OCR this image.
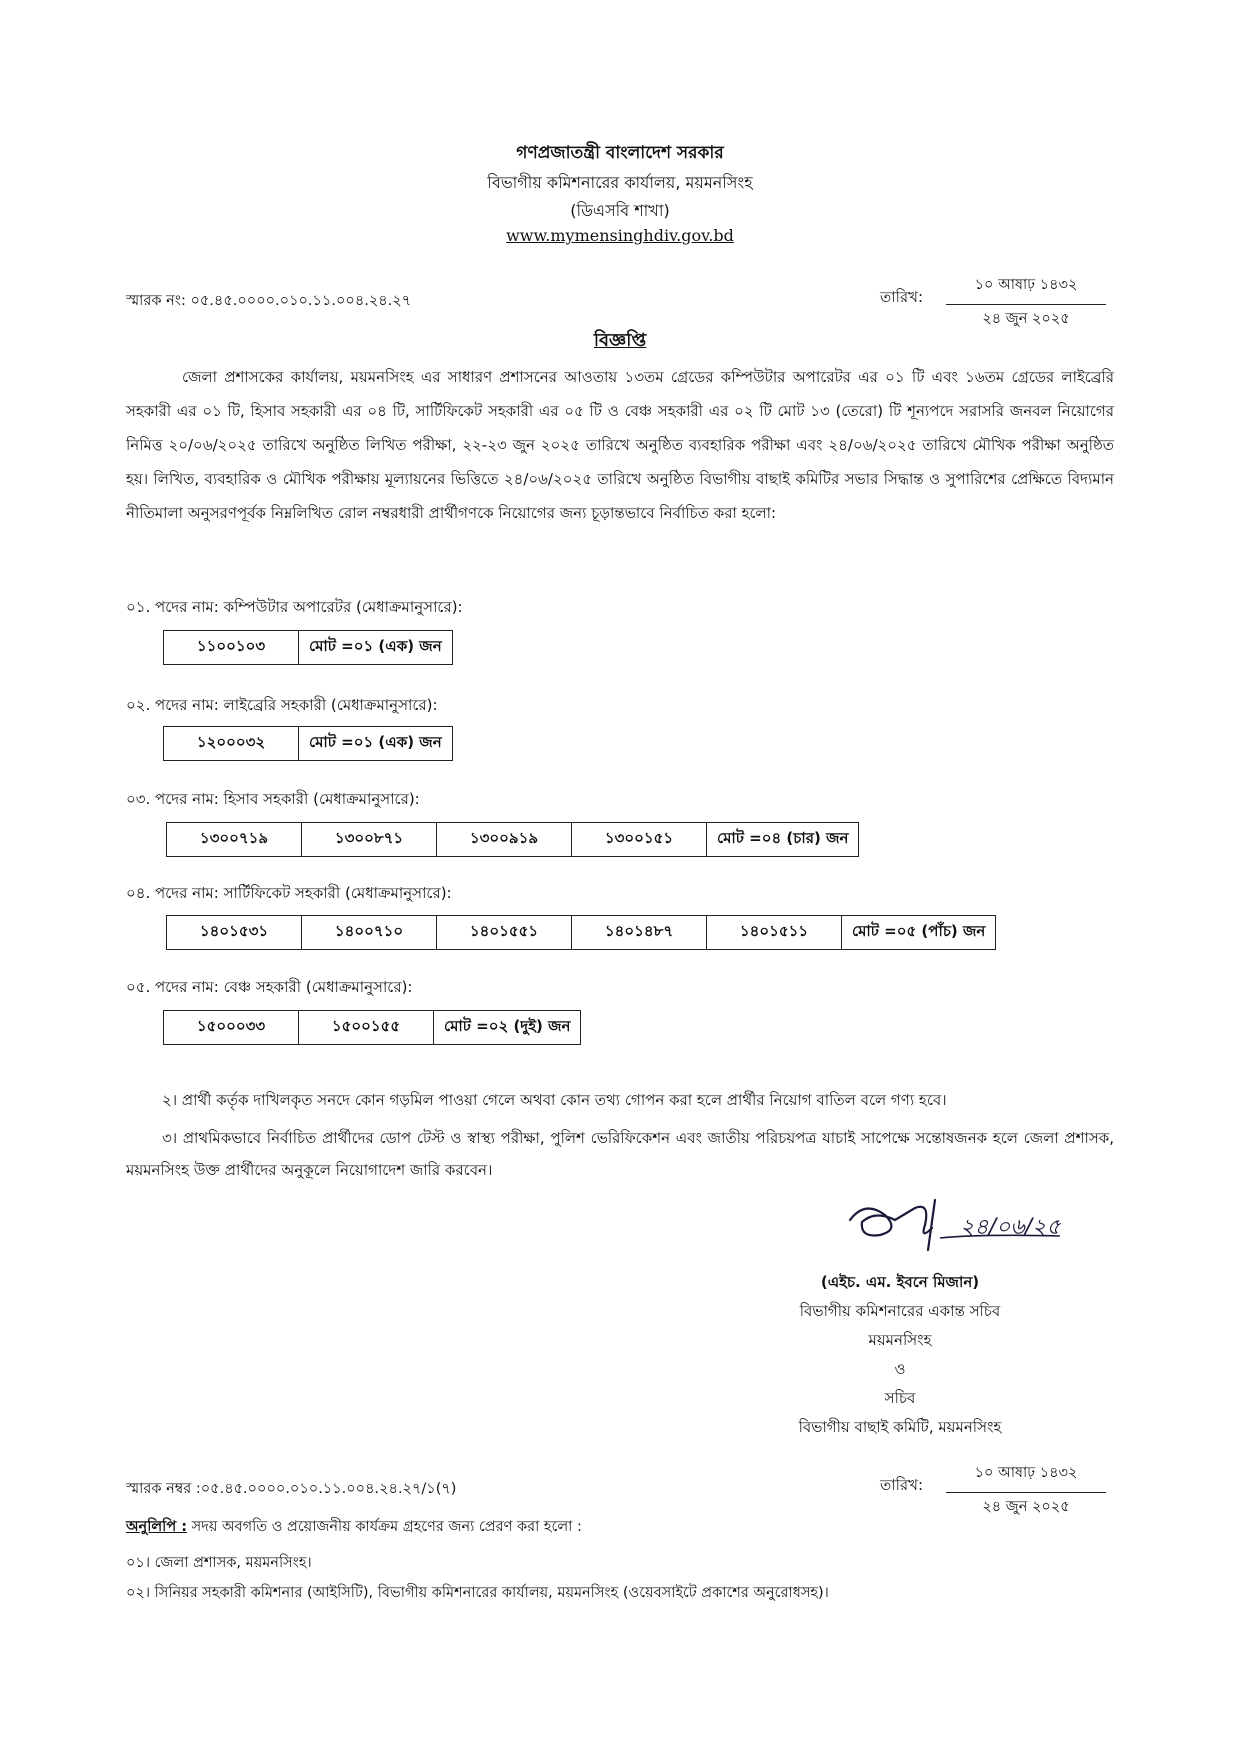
গণপ্রজাতন্ত্রী বাংলাদেশ সরকার
বিভাগীয় কমিশনারের কার্যালয়, ময়মনসিংহ
(ডিএসবি শাখা)
www.mymensinghdiv.gov.bd
স্মারক নং: ০৫.৪৫.০০০০.০১০.১১.০০৪.২৪.২৭	তারিখ:
১০ আষাঢ় ১৪৩২
২৪ জুন ২০২৫
বিজ্ঞপ্তি
জেলা প্রশাসকের কার্যালয়, ময়মনসিংহ এর সাধারণ প্রশাসনের আওতায় ১৩তম গ্রেডের কম্পিউটার অপারেটর এর ০১ টি এবং ১৬তম গ্রেডের লাইব্রেরি সহকারী এর ০১ টি, হিসাব সহকারী এর ০৪ টি, সার্টিফিকেট সহকারী এর ০৫ টি ও বেঞ্চ সহকারী এর ০২ টি মোট ১৩ (তেরো) টি শূন্যপদে সরাসরি জনবল নিয়োগের নিমিত্ত ২০/০৬/২০২৫ তারিখে অনুষ্ঠিত লিখিত পরীক্ষা, ২২-২৩ জুন ২০২৫ তারিখে অনুষ্ঠিত ব্যবহারিক পরীক্ষা এবং ২৪/০৬/২০২৫ তারিখে মৌখিক পরীক্ষা অনুষ্ঠিত হয়। লিখিত, ব্যবহারিক ও মৌখিক পরীক্ষায় মূল্যায়নের ভিত্তিতে ২৪/০৬/২০২৫ তারিখে অনুষ্ঠিত বিভাগীয় বাছাই কমিটির সভার সিদ্ধান্ত ও সুপারিশের প্রেক্ষিতে বিদ্যমান নীতিমালা অনুসরণপূর্বক নিম্নলিখিত রোল নম্বরধারী প্রার্থীগণকে নিয়োগের জন্য চূড়ান্তভাবে নির্বাচিত করা হলো:
০১. পদের নাম: কম্পিউটার অপারেটর (মেধাক্রমানুসারে):
১১০০১০৩	মোট =০১ (এক) জন
০২. পদের নাম: লাইব্রেরি সহকারী (মেধাক্রমানুসারে):
১২০০০৩২	মোট =০১ (এক) জন
০৩. পদের নাম: হিসাব সহকারী (মেধাক্রমানুসারে):
১৩০০৭১৯	১৩০০৮৭১	১৩০০৯১৯	১৩০০১৫১	মোট =০৪ (চার) জন
০৪. পদের নাম: সার্টিফিকেট সহকারী (মেধাক্রমানুসারে):
১৪০১৫৩১	১৪০০৭১০	১৪০১৫৫১	১৪০১৪৮৭	১৪০১৫১১	মোট =০৫ (পাঁচ) জন
০৫. পদের নাম: বেঞ্চ সহকারী (মেধাক্রমানুসারে):
১৫০০০৩৩	১৫০০১৫৫	মোট =০২ (দুই) জন
২। প্রার্থী কর্তৃক দাখিলকৃত সনদে কোন গড়মিল পাওয়া গেলে অথবা কোন তথ্য গোপন করা হলে প্রার্থীর নিয়োগ বাতিল বলে গণ্য হবে।
৩। প্রাথমিকভাবে নির্বাচিত প্রার্থীদের ডোপ টেস্ট ও স্বাস্থ্য পরীক্ষা, পুলিশ ভেরিফিকেশন এবং জাতীয় পরিচয়পত্র যাচাই সাপেক্ষে সন্তোষজনক হলে জেলা প্রশাসক, ময়মনসিংহ উক্ত প্রার্থীদের অনুকূলে নিয়োগাদেশ জারি করবেন।
২৪/০৬/২৫
(এইচ. এম. ইবনে মিজান)
বিভাগীয় কমিশনারের একান্ত সচিব
ময়মনসিংহ
ও
সচিব
বিভাগীয় বাছাই কমিটি, ময়মনসিংহ
স্মারক নম্বর :০৫.৪৫.০০০০.০১০.১১.০০৪.২৪.২৭/১(৭)	তারিখ:
১০ আষাঢ় ১৪৩২
২৪ জুন ২০২৫
অনুলিপি : সদয় অবগতি ও প্রয়োজনীয় কার্যক্রম গ্রহণের জন্য প্রেরণ করা হলো :
০১। জেলা প্রশাসক, ময়মনসিংহ।
০২। সিনিয়র সহকারী কমিশনার (আইসিটি), বিভাগীয় কমিশনারের কার্যালয়, ময়মনসিংহ (ওয়েবসাইটে প্রকাশের অনুরোধসহ)।
